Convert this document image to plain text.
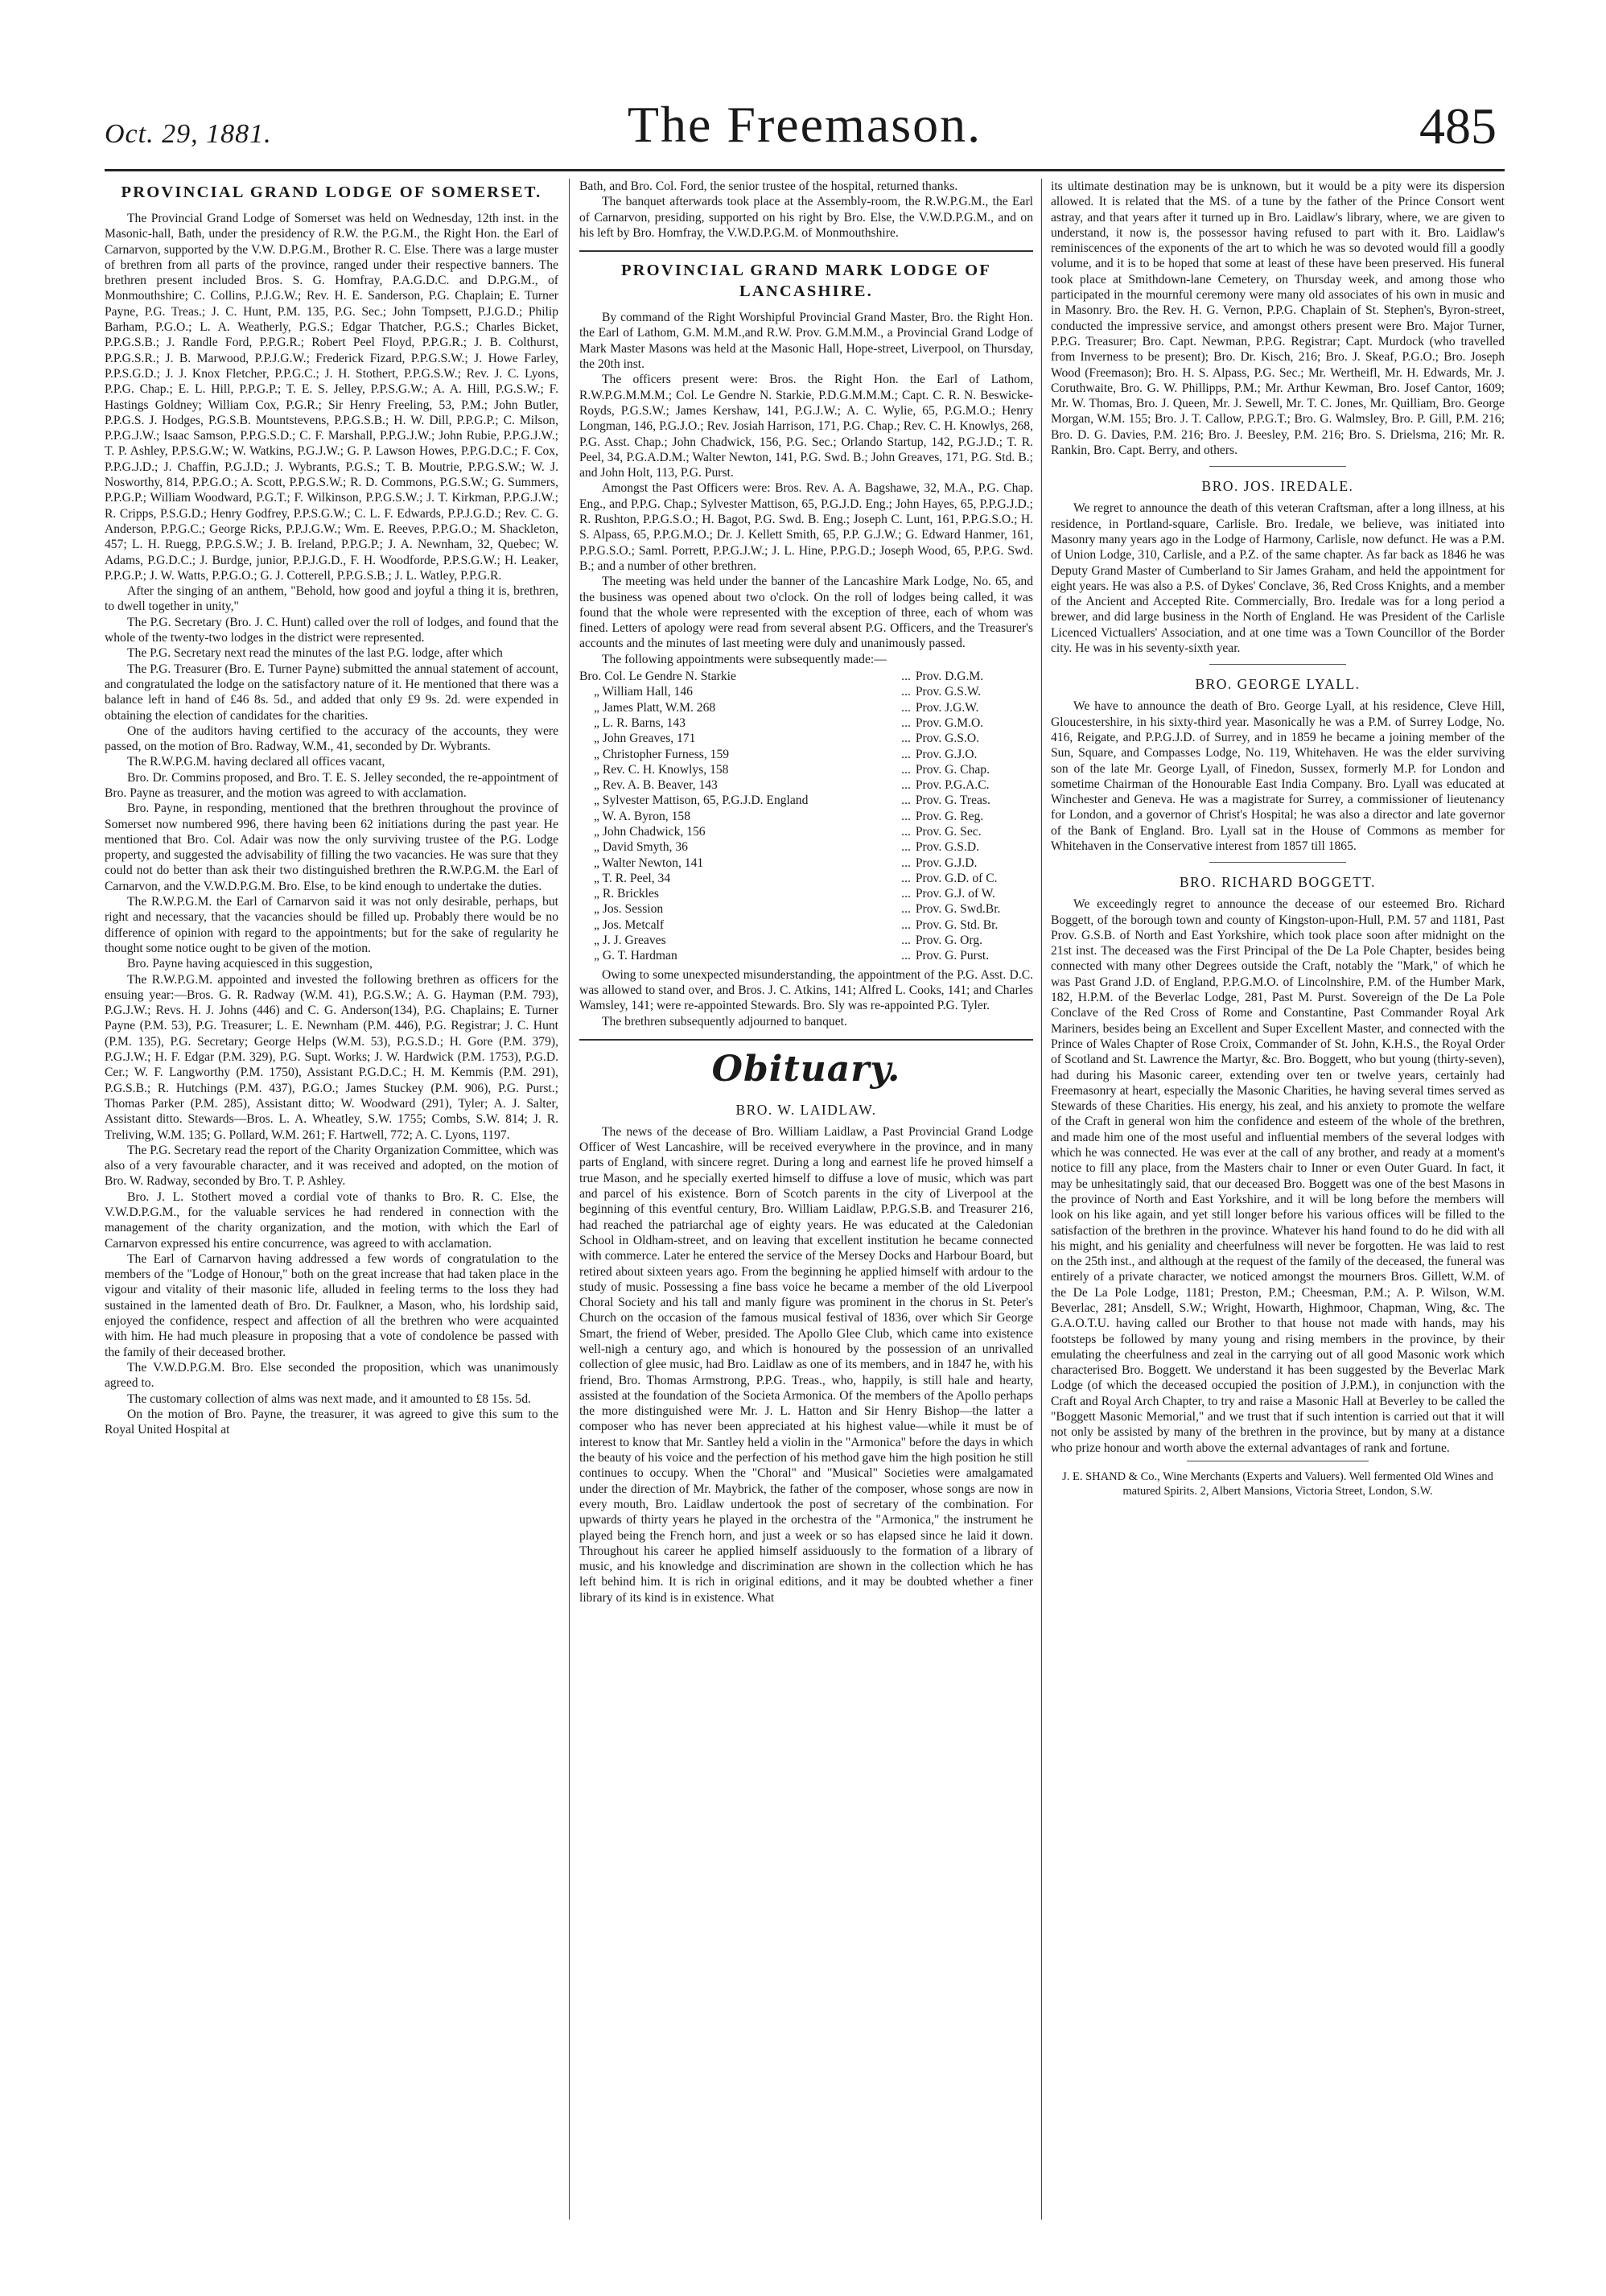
Oct. 29, 1881.	The Freemason.	485
PROVINCIAL GRAND LODGE OF SOMERSET.

The Provincial Grand Lodge of Somerset was held on Wednesday, 12th inst. in the Masonic-hall, Bath, under the presidency of R.W. the P.G.M., the Right Hon. the Earl of Carnarvon, supported by the V.W. D.P.G.M., Brother R. C. Else. There was a large muster of brethren from all parts of the province, ranged under their respective banners. The brethren present included Bros. S. G. Homfray, P.A.G.D.C. and D.P.G.M., of Monmouthshire; C. Collins, P.J.G.W.; Rev. H. E. Sanderson, P.G. Chaplain; E. Turner Payne, P.G. Treas.; J. C. Hunt, P.M. 135, P.G. Sec.; John Tompsett, P.J.G.D.; Philip Barham, P.G.O.; L. A. Weatherly, P.G.S.; Edgar Thatcher, P.G.S.; Charles Bicket, P.P.G.S.B.; J. Randle Ford, P.P.G.R.; Robert Peel Floyd, P.P.G.R.; J. B. Colthurst, P.P.G.S.R.; J. B. Marwood, P.P.J.G.W.; Frederick Fizard, P.P.G.S.W.; J. Howe Farley, P.P.S.G.D.; J. J. Knox Fletcher, P.P.G.C.; J. H. Stothert, P.P.G.S.W.; Rev. J. C. Lyons, P.P.G. Chap.; E. L. Hill, P.P.G.P.; T. E. S. Jelley, P.P.S.G.W.; A. A. Hill, P.G.S.W.; F. Hastings Goldney; William Cox, P.G.R.; Sir Henry Freeling, 53, P.M.; John Butler, P.P.G.S. J. Hodges, P.G.S.B. Mountstevens, P.P.G.S.B.; H. W. Dill, P.P.G.P.; C. Milson, P.P.G.J.W.; Isaac Samson, P.P.G.S.D.; C. F. Marshall, P.P.G.J.W.; John Rubie, P.P.G.J.W.; T. P. Ashley, P.P.S.G.W.; W. Watkins, P.G.J.W.; G. P. Lawson Howes, P.P.G.D.C.; F. Cox, P.P.G.J.D.; J. Chaffin, P.G.J.D.; J. Wybrants, P.G.S.; T. B. Moutrie, P.P.G.S.W.; W. J. Nosworthy, 814, P.P.G.O.; A. Scott, P.P.G.S.W.; R. D. Commons, P.G.S.W.; G. Summers, P.P.G.P.; William Woodward, P.G.T.; F. Wilkinson, P.P.G.S.W.; J. T. Kirkman, P.P.G.J.W.; R. Cripps, P.S.G.D.; Henry Godfrey, P.P.S.G.W.; C. L. F. Edwards, P.P.J.G.D.; Rev. C. G. Anderson, P.P.G.C.; George Ricks, P.P.J.G.W.; Wm. E. Reeves, P.P.G.O.; M. Shackleton, 457; L. H. Ruegg, P.P.G.S.W.; J. B. Ireland, P.P.G.P.; J. A. Newnham, 32, Quebec; W. Adams, P.G.D.C.; J. Burdge, junior, P.P.J.G.D., F. H. Woodforde, P.P.S.G.W.; H. Leaker, P.P.G.P.; J. W. Watts, P.P.G.O.; G. J. Cotterell, P.P.G.S.B.; J. L. Watley, P.P.G.R.

After the singing of an anthem, "Behold, how good and joyful a thing it is, brethren, to dwell together in unity,"

The P.G. Secretary (Bro. J. C. Hunt) called over the roll of lodges, and found that the whole of the twenty-two lodges in the district were represented.

The P.G. Secretary next read the minutes of the last P.G. lodge, after which

The P.G. Treasurer (Bro. E. Turner Payne) submitted the annual statement of account, and congratulated the lodge on the satisfactory nature of it. He mentioned that there was a balance left in hand of £46 8s. 5d., and added that only £9 9s. 2d. were expended in obtaining the election of candidates for the charities.

One of the auditors having certified to the accuracy of the accounts, they were passed, on the motion of Bro. Radway, W.M., 41, seconded by Dr. Wybrants.

The R.W.P.G.M. having declared all offices vacant,

Bro. Dr. Commins proposed, and Bro. T. E. S. Jelley seconded, the re-appointment of Bro. Payne as treasurer, and the motion was agreed to with acclamation.

Bro. Payne, in responding, mentioned that the brethren throughout the province of Somerset now numbered 996, there having been 62 initiations during the past year. He mentioned that Bro. Col. Adair was now the only surviving trustee of the P.G. Lodge property, and suggested the advisability of filling the two vacancies. He was sure that they could not do better than ask their two distinguished brethren the R.W.P.G.M. the Earl of Carnarvon, and the V.W.D.P.G.M. Bro. Else, to be kind enough to undertake the duties.

The R.W.P.G.M. the Earl of Carnarvon said it was not only desirable, perhaps, but right and necessary, that the vacancies should be filled up. Probably there would be no difference of opinion with regard to the appointments; but for the sake of regularity he thought some notice ought to be given of the motion.

Bro. Payne having acquiesced in this suggestion,

The R.W.P.G.M. appointed and invested the following brethren as officers for the ensuing year:—Bros. G. R. Radway (W.M. 41), P.G.S.W.; A. G. Hayman (P.M. 793), P.G.J.W.; Revs. H. J. Johns (446) and C. G. Anderson(134), P.G. Chaplains; E. Turner Payne (P.M. 53), P.G. Treasurer; L. E. Newnham (P.M. 446), P.G. Registrar; J. C. Hunt (P.M. 135), P.G. Secretary; George Helps (W.M. 53), P.G.S.D.; H. Gore (P.M. 379), P.G.J.W.; H. F. Edgar (P.M. 329), P.G. Supt. Works; J. W. Hardwick (P.M. 1753), P.G.D. Cer.; W. F. Langworthy (P.M. 1750), Assistant P.G.D.C.; H. M. Kemmis (P.M. 291), P.G.S.B.; R. Hutchings (P.M. 437), P.G.O.; James Stuckey (P.M. 906), P.G. Purst.; Thomas Parker (P.M. 285), Assistant ditto; W. Woodward (291), Tyler; A. J. Salter, Assistant ditto. Stewards—Bros. L. A. Wheatley, S.W. 1755; Combs, S.W. 814; J. R. Treliving, W.M. 135; G. Pollard, W.M. 261; F. Hartwell, 772; A. C. Lyons, 1197.

The P.G. Secretary read the report of the Charity Organization Committee, which was also of a very favourable character, and it was received and adopted, on the motion of Bro. W. Radway, seconded by Bro. T. P. Ashley.

Bro. J. L. Stothert moved a cordial vote of thanks to Bro. R. C. Else, the V.W.D.P.G.M., for the valuable services he had rendered in connection with the management of the charity organization, and the motion, with which the Earl of Carnarvon expressed his entire concurrence, was agreed to with acclamation.

The Earl of Carnarvon having addressed a few words of congratulation to the members of the "Lodge of Honour," both on the great increase that had taken place in the vigour and vitality of their masonic life, alluded in feeling terms to the loss they had sustained in the lamented death of Bro. Dr. Faulkner, a Mason, who, his lordship said, enjoyed the confidence, respect and affection of all the brethren who were acquainted with him. He had much pleasure in proposing that a vote of condolence be passed with the family of their deceased brother.

The V.W.D.P.G.M. Bro. Else seconded the proposition, which was unanimously agreed to.

The customary collection of alms was next made, and it amounted to £8 15s. 5d.

On the motion of Bro. Payne, the treasurer, it was agreed to give this sum to the Royal United Hospital at

Bath, and Bro. Col. Ford, the senior trustee of the hospital, returned thanks.

The banquet afterwards took place at the Assembly-room, the R.W.P.G.M., the Earl of Carnarvon, presiding, supported on his right by Bro. Else, the V.W.D.P.G.M., and on his left by Bro. Homfray, the V.W.D.P.G.M. of Monmouthshire.

PROVINCIAL GRAND MARK LODGE OF LANCASHIRE.

By command of the Right Worshipful Provincial Grand Master, Bro. the Right Hon. the Earl of Lathom, G.M. M.M.,and R.W. Prov. G.M.M.M., a Provincial Grand Lodge of Mark Master Masons was held at the Masonic Hall, Hope-street, Liverpool, on Thursday, the 20th inst.

The officers present were: Bros. the Right Hon. the Earl of Lathom, R.W.P.G.M.M.M.; Col. Le Gendre N. Starkie, P.D.G.M.M.M.; Capt. C. R. N. Beswicke-Royds, P.G.S.W.; James Kershaw, 141, P.G.J.W.; A. C. Wylie, 65, P.G.M.O.; Henry Longman, 146, P.G.J.O.; Rev. Josiah Harrison, 171, P.G. Chap.; Rev. C. H. Knowlys, 268, P.G. Asst. Chap.; John Chadwick, 156, P.G. Sec.; Orlando Startup, 142, P.G.J.D.; T. R. Peel, 34, P.G.A.D.M.; Walter Newton, 141, P.G. Swd. B.; John Greaves, 171, P.G. Std. B.; and John Holt, 113, P.G. Purst.

Amongst the Past Officers were: Bros. Rev. A. A. Bagshawe, 32, M.A., P.G. Chap. Eng., and P.P.G. Chap.; Sylvester Mattison, 65, P.G.J.D. Eng.; John Hayes, 65, P.P.G.J.D.; R. Rushton, P.P.G.S.O.; H. Bagot, P.G. Swd. B. Eng.; Joseph C. Lunt, 161, P.P.G.S.O.; H. S. Alpass, 65, P.P.G.M.O.; Dr. J. Kellett Smith, 65, P.P. G.J.W.; G. Edward Hanmer, 161, P.P.G.S.O.; Saml. Porrett, P.P.G.J.W.; J. L. Hine, P.P.G.D.; Joseph Wood, 65, P.P.G. Swd. B.; and a number of other brethren.

The meeting was held under the banner of the Lancashire Mark Lodge, No. 65, and the business was opened about two o'clock. On the roll of lodges being called, it was found that the whole were represented with the exception of three, each of whom was fined. Letters of apology were read from several absent P.G. Officers, and the Treasurer's accounts and the minutes of last meeting were duly and unanimously passed.

The following appointments were subsequently made:—

Bro. Col. Le Gendre N. Starkie	...	Prov. D.G.M.
„ William Hall, 146	...	Prov. G.S.W.
„ James Platt, W.M. 268	...	Prov. J.G.W.
„ L. R. Barns, 143	...	Prov. G.M.O.
„ John Greaves, 171	...	Prov. G.S.O.
„ Christopher Furness, 159	...	Prov. G.J.O.
„ Rev. C. H. Knowlys, 158	...	Prov. G. Chap.
„ Rev. A. B. Beaver, 143	...	Prov. P.G.A.C.
„ Sylvester Mattison, 65, P.G.J.D. England	...	Prov. G. Treas.
„ W. A. Byron, 158	...	Prov. G. Reg.
„ John Chadwick, 156	...	Prov. G. Sec.
„ David Smyth, 36	...	Prov. G.S.D.
„ Walter Newton, 141	...	Prov. G.J.D.
„ T. R. Peel, 34	...	Prov. G.D. of C.
„ R. Brickles	...	Prov. G.J. of W.
„ Jos. Session	...	Prov. G. Swd.Br.
„ Jos. Metcalf	...	Prov. G. Std. Br.
„ J. J. Greaves	...	Prov. G. Org.
„ G. T. Hardman	...	Prov. G. Purst.

Owing to some unexpected misunderstanding, the appointment of the P.G. Asst. D.C. was allowed to stand over, and Bros. J. C. Atkins, 141; Alfred L. Cooks, 141; and Charles Wamsley, 141; were re-appointed Stewards. Bro. Sly was re-appointed P.G. Tyler.

The brethren subsequently adjourned to banquet.

Obituary.
BRO. W. LAIDLAW.

The news of the decease of Bro. William Laidlaw, a Past Provincial Grand Lodge Officer of West Lancashire, will be received everywhere in the province, and in many parts of England, with sincere regret. During a long and earnest life he proved himself a true Mason, and he specially exerted himself to diffuse a love of music, which was part and parcel of his existence. Born of Scotch parents in the city of Liverpool at the beginning of this eventful century, Bro. William Laidlaw, P.P.G.S.B. and Treasurer 216, had reached the patriarchal age of eighty years. He was educated at the Caledonian School in Oldham-street, and on leaving that excellent institution he became connected with commerce. Later he entered the service of the Mersey Docks and Harbour Board, but retired about sixteen years ago. From the beginning he applied himself with ardour to the study of music. Possessing a fine bass voice he became a member of the old Liverpool Choral Society and his tall and manly figure was prominent in the chorus in St. Peter's Church on the occasion of the famous musical festival of 1836, over which Sir George Smart, the friend of Weber, presided. The Apollo Glee Club, which came into existence well-nigh a century ago, and which is honoured by the possession of an unrivalled collection of glee music, had Bro. Laidlaw as one of its members, and in 1847 he, with his friend, Bro. Thomas Armstrong, P.P.G. Treas., who, happily, is still hale and hearty, assisted at the foundation of the Societa Armonica. Of the members of the Apollo perhaps the more distinguished were Mr. J. L. Hatton and Sir Henry Bishop—the latter a composer who has never been appreciated at his highest value—while it must be of interest to know that Mr. Santley held a violin in the "Armonica" before the days in which the beauty of his voice and the perfection of his method gave him the high position he still continues to occupy. When the "Choral" and "Musical" Societies were amalgamated under the direction of Mr. Maybrick, the father of the composer, whose songs are now in every mouth, Bro. Laidlaw undertook the post of secretary of the combination. For upwards of thirty years he played in the orchestra of the "Armonica," the instrument he played being the French horn, and just a week or so has elapsed since he laid it down. Throughout his career he applied himself assiduously to the formation of a library of music, and his knowledge and discrimination are shown in the collection which he has left behind him. It is rich in original editions, and it may be doubted whether a finer library of its kind is in existence. What

its ultimate destination may be is unknown, but it would be a pity were its dispersion allowed. It is related that the MS. of a tune by the father of the Prince Consort went astray, and that years after it turned up in Bro. Laidlaw's library, where, we are given to understand, it now is, the possessor having refused to part with it. Bro. Laidlaw's reminiscences of the exponents of the art to which he was so devoted would fill a goodly volume, and it is to be hoped that some at least of these have been preserved. His funeral took place at Smithdown-lane Cemetery, on Thursday week, and among those who participated in the mournful ceremony were many old associates of his own in music and in Masonry. Bro. the Rev. H. G. Vernon, P.P.G. Chaplain of St. Stephen's, Byron-street, conducted the impressive service, and amongst others present were Bro. Major Turner, P.P.G. Treasurer; Bro. Capt. Newman, P.P.G. Registrar; Capt. Murdock (who travelled from Inverness to be present); Bro. Dr. Kisch, 216; Bro. J. Skeaf, P.G.O.; Bro. Joseph Wood (Freemason); Bro. H. S. Alpass, P.G. Sec.; Mr. Wertheifl, Mr. H. Edwards, Mr. J. Coruthwaite, Bro. G. W. Phillipps, P.M.; Mr. Arthur Kewman, Bro. Josef Cantor, 1609; Mr. W. Thomas, Bro. J. Queen, Mr. J. Sewell, Mr. T. C. Jones, Mr. Quilliam, Bro. George Morgan, W.M. 155; Bro. J. T. Callow, P.P.G.T.; Bro. G. Walmsley, Bro. P. Gill, P.M. 216; Bro. D. G. Davies, P.M. 216; Bro. J. Beesley, P.M. 216; Bro. S. Drielsma, 216; Mr. R. Rankin, Bro. Capt. Berry, and others.

BRO. JOS. IREDALE.

We regret to announce the death of this veteran Craftsman, after a long illness, at his residence, in Portland-square, Carlisle. Bro. Iredale, we believe, was initiated into Masonry many years ago in the Lodge of Harmony, Carlisle, now defunct. He was a P.M. of Union Lodge, 310, Carlisle, and a P.Z. of the same chapter. As far back as 1846 he was Deputy Grand Master of Cumberland to Sir James Graham, and held the appointment for eight years. He was also a P.S. of Dykes' Conclave, 36, Red Cross Knights, and a member of the Ancient and Accepted Rite. Commercially, Bro. Iredale was for a long period a brewer, and did large business in the North of England. He was President of the Carlisle Licenced Victuallers' Association, and at one time was a Town Councillor of the Border city. He was in his seventy-sixth year.

BRO. GEORGE LYALL.

We have to announce the death of Bro. George Lyall, at his residence, Cleve Hill, Gloucestershire, in his sixty-third year. Masonically he was a P.M. of Surrey Lodge, No. 416, Reigate, and P.P.G.J.D. of Surrey, and in 1859 he became a joining member of the Sun, Square, and Compasses Lodge, No. 119, Whitehaven. He was the elder surviving son of the late Mr. George Lyall, of Finedon, Sussex, formerly M.P. for London and sometime Chairman of the Honourable East India Company. Bro. Lyall was educated at Winchester and Geneva. He was a magistrate for Surrey, a commissioner of lieutenancy for London, and a governor of Christ's Hospital; he was also a director and late governor of the Bank of England. Bro. Lyall sat in the House of Commons as member for Whitehaven in the Conservative interest from 1857 till 1865.

BRO. RICHARD BOGGETT.

We exceedingly regret to announce the decease of our esteemed Bro. Richard Boggett, of the borough town and county of Kingston-upon-Hull, P.M. 57 and 1181, Past Prov. G.S.B. of North and East Yorkshire, which took place soon after midnight on the 21st inst. The deceased was the First Principal of the De La Pole Chapter, besides being connected with many other Degrees outside the Craft, notably the "Mark," of which he was Past Grand J.D. of England, P.P.G.M.O. of Lincolnshire, P.M. of the Humber Mark, 182, H.P.M. of the Beverlac Lodge, 281, Past M. Purst. Sovereign of the De La Pole Conclave of the Red Cross of Rome and Constantine, Past Commander Royal Ark Mariners, besides being an Excellent and Super Excellent Master, and connected with the Prince of Wales Chapter of Rose Croix, Commander of St. John, K.H.S., the Royal Order of Scotland and St. Lawrence the Martyr, &c. Bro. Boggett, who but young (thirty-seven), had during his Masonic career, extending over ten or twelve years, certainly had Freemasonry at heart, especially the Masonic Charities, he having several times served as Stewards of these Charities. His energy, his zeal, and his anxiety to promote the welfare of the Craft in general won him the confidence and esteem of the whole of the brethren, and made him one of the most useful and influential members of the several lodges with which he was connected. He was ever at the call of any brother, and ready at a moment's notice to fill any place, from the Masters chair to Inner or even Outer Guard. In fact, it may be unhesitatingly said, that our deceased Bro. Boggett was one of the best Masons in the province of North and East Yorkshire, and it will be long before the members will look on his like again, and yet still longer before his various offices will be filled to the satisfaction of the brethren in the province. Whatever his hand found to do he did with all his might, and his geniality and cheerfulness will never be forgotten. He was laid to rest on the 25th inst., and although at the request of the family of the deceased, the funeral was entirely of a private character, we noticed amongst the mourners Bros. Gillett, W.M. of the De La Pole Lodge, 1181; Preston, P.M.; Cheesman, P.M.; A. P. Wilson, W.M. Beverlac, 281; Ansdell, S.W.; Wright, Howarth, Highmoor, Chapman, Wing, &c. The G.A.O.T.U. having called our Brother to that house not made with hands, may his footsteps be followed by many young and rising members in the province, by their emulating the cheerfulness and zeal in the carrying out of all good Masonic work which characterised Bro. Boggett. We understand it has been suggested by the Beverlac Mark Lodge (of which the deceased occupied the position of J.P.M.), in conjunction with the Craft and Royal Arch Chapter, to try and raise a Masonic Hall at Beverley to be called the "Boggett Masonic Memorial," and we trust that if such intention is carried out that it will not only be assisted by many of the brethren in the province, but by many at a distance who prize honour and worth above the external advantages of rank and fortune.

J. E. SHAND & Co., Wine Merchants (Experts and Valuers). Well fermented Old Wines and matured Spirits. 2, Albert Mansions, Victoria Street, London, S.W.
